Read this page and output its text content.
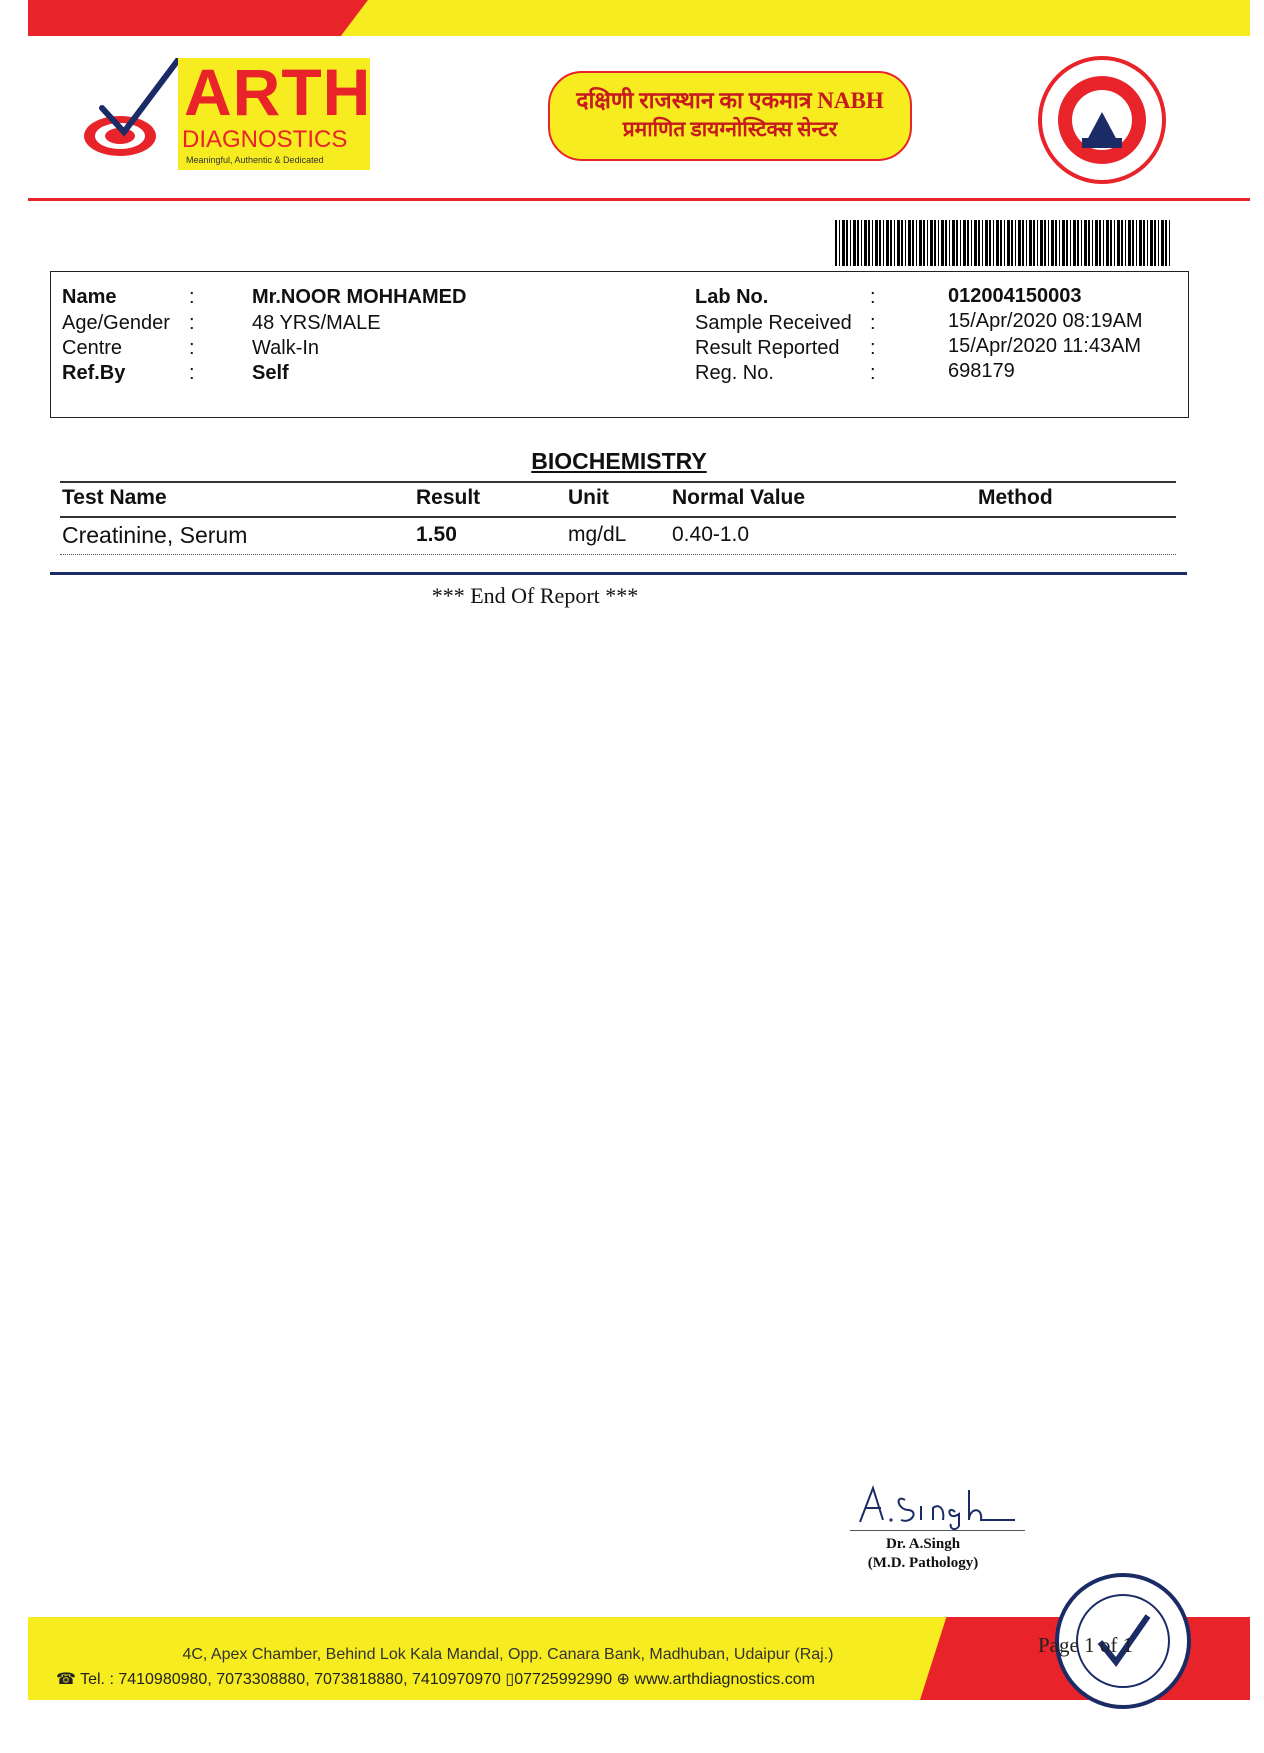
ARTH
DIAGNOSTICS
Meaningful, Authentic & Dedicated
दक्षिणी राजस्थान का एकमात्र NABH
प्रमाणित डायग्नोस्टिक्स सेन्टर
Name	:	Mr.NOOR MOHHAMED
Age/Gender :	48 YRS/MALE
Centre	:	Walk-In
Ref.By	:	Self
Lab No.	:	012004150003
Sample Received :	15/Apr/2020 08:19AM
Result Reported :	15/Apr/2020 11:43AM
Reg. No.	:	698179
BIOCHEMISTRY
Test Name	Result	Unit	Normal Value	Method
Creatinine, Serum	1.50	mg/dL 0.40-1.0
*** End Of Report ***
Dr. A.Singh
(M.D. Pathology)
4C, Apex Chamber, Behind Lok Kala Mandal, Opp. Canara Bank, Madhuban, Udaipur (Raj.)
☎ Tel. : 7410980980, 7073308880, 7073818880, 7410970970 ▯07725992990 ⊕ www.arthdiagnostics.com
Page 1 of 1
